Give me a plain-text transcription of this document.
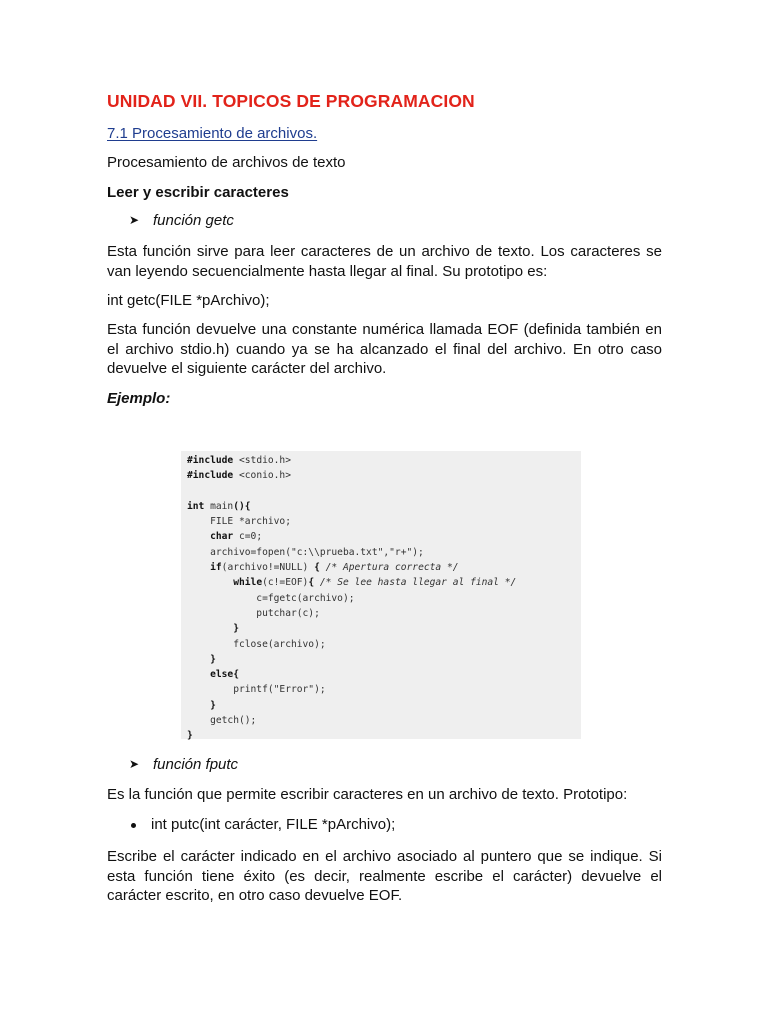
UNIDAD VII. TOPICOS DE PROGRAMACION
7.1 Procesamiento de archivos.
Procesamiento de archivos de texto
Leer y escribir caracteres
➤ función getc
Esta función sirve para leer caracteres de un archivo de texto. Los caracteres se van leyendo secuencialmente hasta llegar al final. Su prototipo es:
int getc(FILE *pArchivo);
Esta función devuelve una constante numérica llamada EOF (definida también en el archivo stdio.h) cuando ya se ha alcanzado el final del archivo. En otro caso devuelve el siguiente carácter del archivo.
Ejemplo:
➤ función fputc
Es la función que permite escribir caracteres en un archivo de texto. Prototipo:
int putc(int carácter, FILE *pArchivo);
Escribe el carácter indicado en el archivo asociado al puntero que se indique. Si esta función tiene éxito (es decir, realmente escribe el carácter) devuelve el carácter escrito, en otro caso devuelve EOF.
#include <stdio.h>
#include <conio.h>
int main(){
FILE *archivo;
char c=0;
archivo=fopen("c:\\prueba.txt","r+");
if(archivo!=NULL) { /* Apertura correcta */
while(c!=EOF){ /* Se lee hasta llegar al final */
c=fgetc(archivo);
putchar(c);
}
fclose(archivo);
}
else{
printf("Error");
}
getch();
}
